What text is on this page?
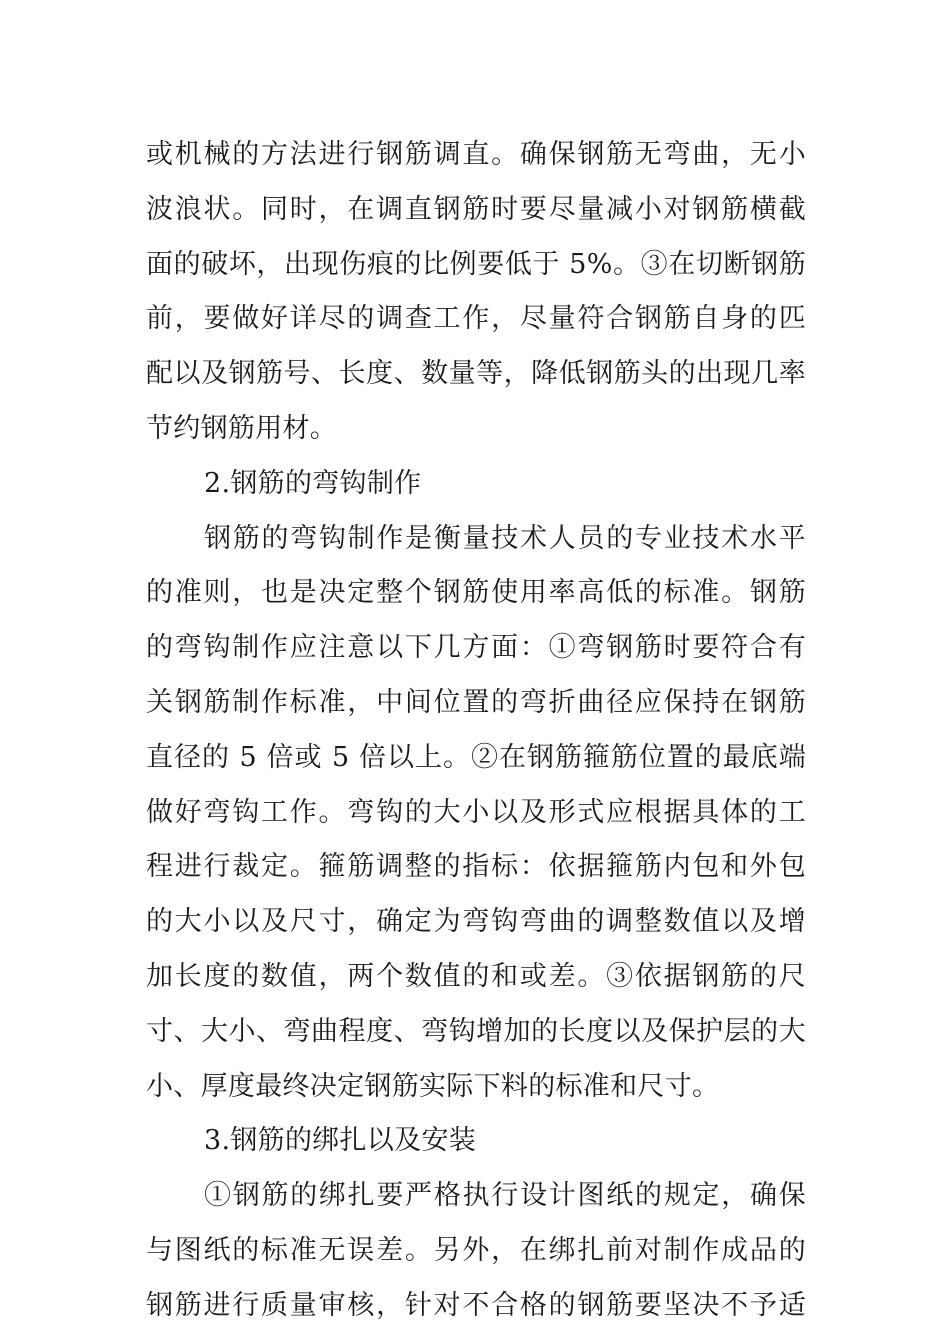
或机械的方法进行钢筋调直。确保钢筋无弯曲，无小
波浪状。同时，在调直钢筋时要尽量减小对钢筋横截
面的破坏，出现伤痕的比例要低于 5%。③在切断钢筋
前，要做好详尽的调查工作，尽量符合钢筋自身的匹
配以及钢筋号、长度、数量等，降低钢筋头的出现几率
节约钢筋用材。
2.钢筋的弯钩制作
钢筋的弯钩制作是衡量技术人员的专业技术水平
的准则，也是决定整个钢筋使用率高低的标准。钢筋
的弯钩制作应注意以下几方面：①弯钢筋时要符合有
关钢筋制作标准，中间位置的弯折曲径应保持在钢筋
直径的 5 倍或 5 倍以上。②在钢筋箍筋位置的最底端
做好弯钩工作。弯钩的大小以及形式应根据具体的工
程进行裁定。箍筋调整的指标：依据箍筋内包和外包
的大小以及尺寸，确定为弯钩弯曲的调整数值以及增
加长度的数值，两个数值的和或差。③依据钢筋的尺
寸、大小、弯曲程度、弯钩增加的长度以及保护层的大
小、厚度最终决定钢筋实际下料的标准和尺寸。
3.钢筋的绑扎以及安装
①钢筋的绑扎要严格执行设计图纸的规定，确保
与图纸的标准无误差。另外，在绑扎前对制作成品的
钢筋进行质量审核，针对不合格的钢筋要坚决不予适
